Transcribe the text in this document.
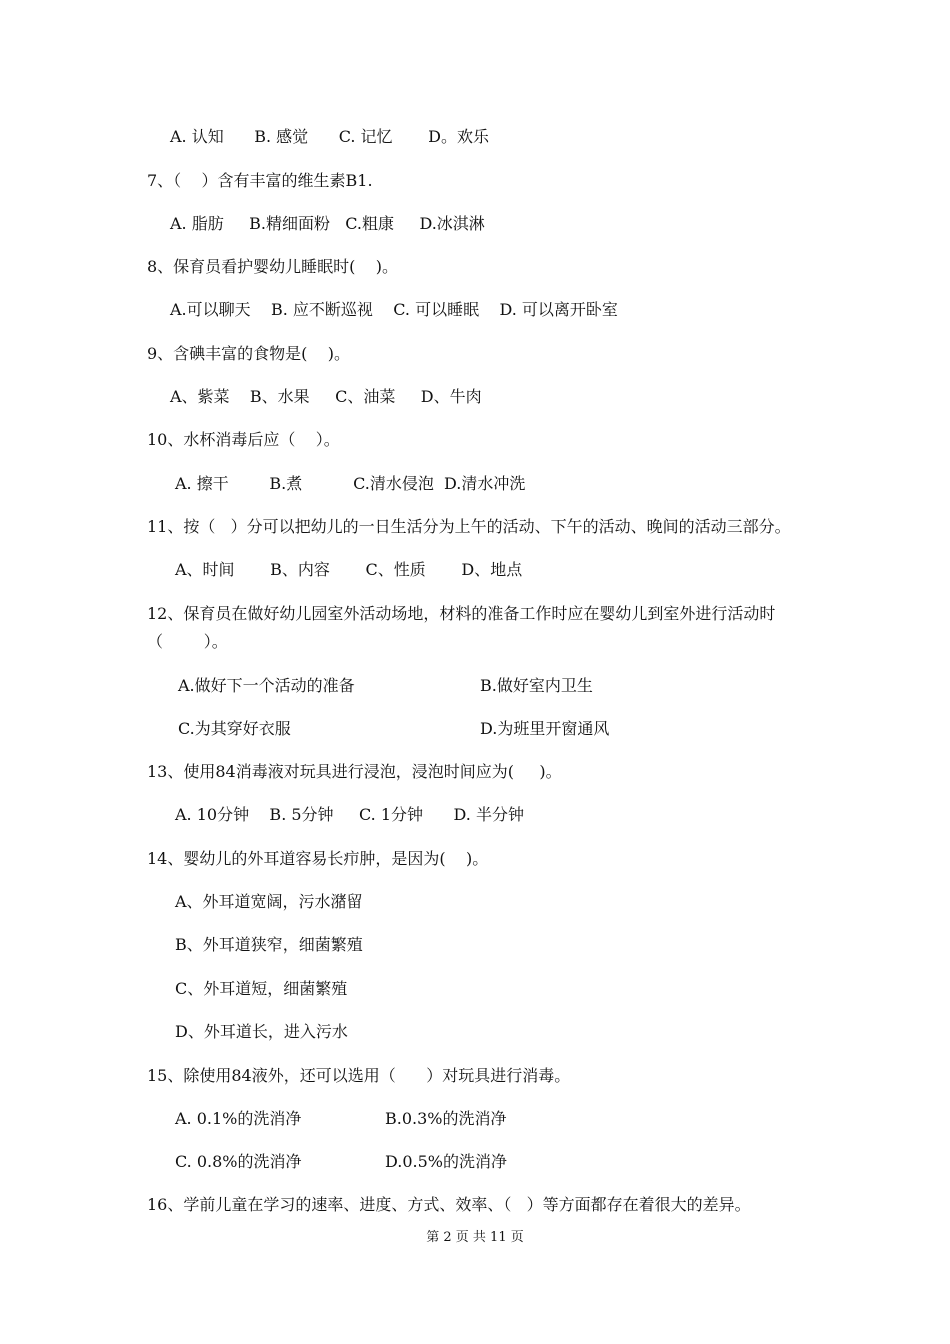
A. 认知      B. 感觉      C. 记忆       D。欢乐
7、（    ）含有丰富的维生素B1.
A. 脂肪     B.精细面粉   C.粗康     D.冰淇淋
8、保育员看护婴幼儿睡眠时(    )。
A.可以聊天    B. 应不断巡视    C. 可以睡眠    D. 可以离开卧室
9、含碘丰富的食物是(    )。
A、紫菜    B、水果     C、油菜     D、牛肉
10、水杯消毒后应（    ）。
A. 擦干        B.煮          C.清水侵泡  D.清水冲洗
11、按（   ）分可以把幼儿的一日生活分为上午的活动、下午的活动、晚间的活动三部分。
A、时间       B、内容       C、性质       D、地点
12、保育员在做好幼儿园室外活动场地，材料的准备工作时应在婴幼儿到室外进行活动时
（        ）。
A.做好下一个活动的准备	B.做好室内卫生
C.为其穿好衣服	D.为班里开窗通风
13、使用84消毒液对玩具进行浸泡，浸泡时间应为(     )。
A. 10分钟    B. 5分钟     C. 1分钟      D. 半分钟
14、婴幼儿的外耳道容易长疖肿，是因为(    )。
A、外耳道宽阔，污水潴留
B、外耳道狭窄，细菌繁殖
C、外耳道短，细菌繁殖
D、外耳道长，进入污水
15、除使用84液外，还可以选用（      ）对玩具进行消毒。
A. 0.1%的洗消净	B.0.3%的洗消净
C. 0.8%的洗消净	D.0.5%的洗消净
16、学前儿童在学习的速率、进度、方式、效率、（   ）等方面都存在着很大的差异。
第 2 页 共 11 页
